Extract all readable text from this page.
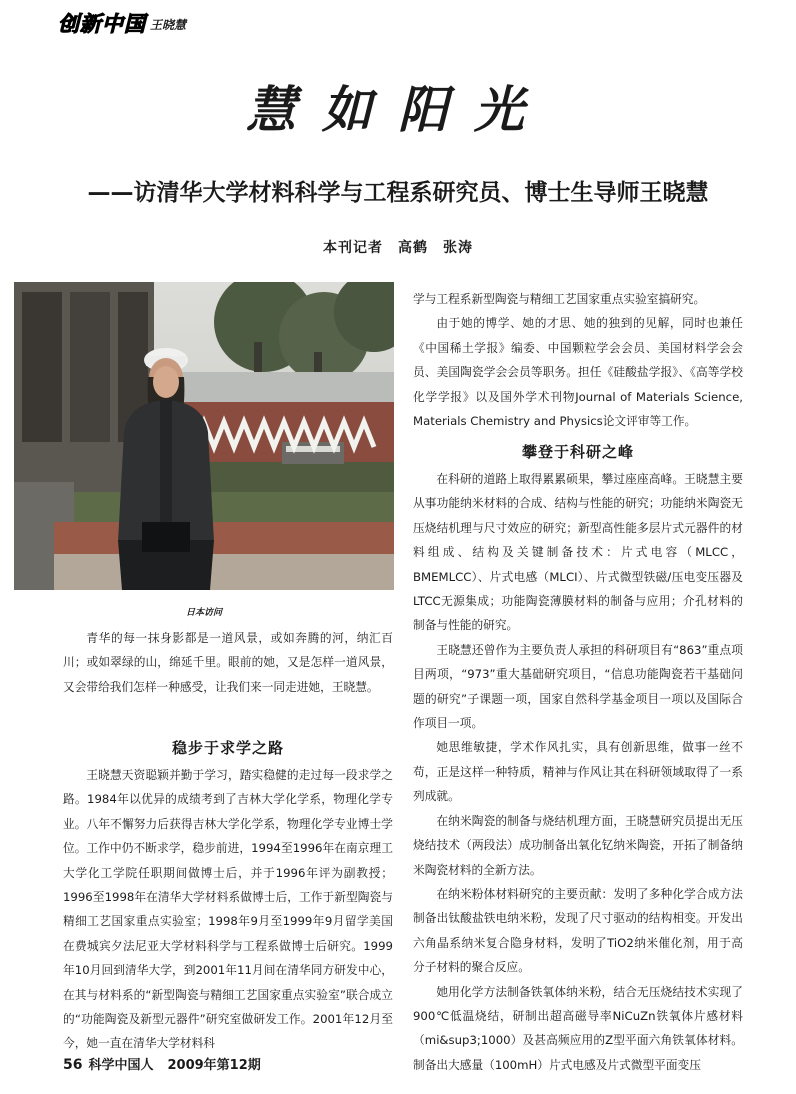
创新中国 王晓慧
慧如阳光
——访清华大学材料科学与工程系研究员、博士生导师王晓慧
本刊记者　高鹤　张涛
日本访问

青华的每一抹身影都是一道风景，或如奔腾的河，纳汇百川；或如翠绿的山，绵延千里。眼前的她，又是怎样一道风景，又会带给我们怎样一种感受，让我们来一同走进她，王晓慧。

稳步于求学之路

王晓慧天资聪颖并勤于学习，踏实稳健的走过每一段求学之路。1984年以优异的成绩考到了吉林大学化学系，物理化学专业。八年不懈努力后获得吉林大学化学系，物理化学专业博士学位。工作中仍不断求学，稳步前进，1994至1996年在南京理工大学化工学院任职期间做博士后，并于1996年评为副教授；1996至1998年在清华大学材料系做博士后，工作于新型陶瓷与精细工艺国家重点实验室；1998年9月至1999年9月留学美国在费城宾夕法尼亚大学材料科学与工程系做博士后研究。1999年10月回到清华大学，到2001年11月间在清华同方研发中心，在其与材料系的“新型陶瓷与精细工艺国家重点实验室”联合成立的“功能陶瓷及新型元器件”研究室做研发工作。2001年12月至今，她一直在清华大学材料科

学与工程系新型陶瓷与精细工艺国家重点实验室搞研究。

由于她的博学、她的才思、她的独到的见解，同时也兼任《中国稀土学报》编委、中国颗粒学会会员、美国材料学会会员、美国陶瓷学会会员等职务。担任《硅酸盐学报》、《高等学校化学学报》以及国外学术刊物Journal of Materials Science, Materials Chemistry and Physics论文评审等工作。

攀登于科研之峰

在科研的道路上取得累累硕果，攀过座座高峰。王晓慧主要从事功能纳米材料的合成、结构与性能的研究；功能纳米陶瓷无压烧结机理与尺寸效应的研究；新型高性能多层片式元器件的材料组成、结构及关键制备技术：片式电容（MLCC，BMEMLCC）、片式电感（MLCI）、片式微型铁磁/压电变压器及LTCC无源集成；功能陶瓷薄膜材料的制备与应用；介孔材料的制备与性能的研究。

王晓慧还曾作为主要负责人承担的科研项目有“863”重点项目两项，“973”重大基础研究项目，“信息功能陶瓷若干基础问题的研究”子课题一项，国家自然科学基金项目一项以及国际合作项目一项。

她思维敏捷，学术作风扎实，具有创新思维，做事一丝不苟，正是这样一种特质，精神与作风让其在科研领域取得了一系列成就。

在纳米陶瓷的制备与烧结机理方面，王晓慧研究员提出无压烧结技术（两段法）成功制备出氧化钇纳米陶瓷，开拓了制备纳米陶瓷材料的全新方法。

在纳米粉体材料研究的主要贡献：发明了多种化学合成方法制备出钛酸盐铁电纳米粉，发现了尺寸驱动的结构相变。开发出六角晶系纳米复合隐身材料，发明了TiO2纳米催化剂，用于高分子材料的聚合反应。

她用化学方法制备铁氧体纳米粉，结合无压烧结技术实现了900℃低温烧结，研制出超高磁导率NiCuZn铁氧体片感材料（mi&sup3;1000）及甚高频应用的Z型平面六角铁氧体材料。制备出大感量（100mH）片式电感及片式微型平面变压

56 科学中国人 2009年第12期
